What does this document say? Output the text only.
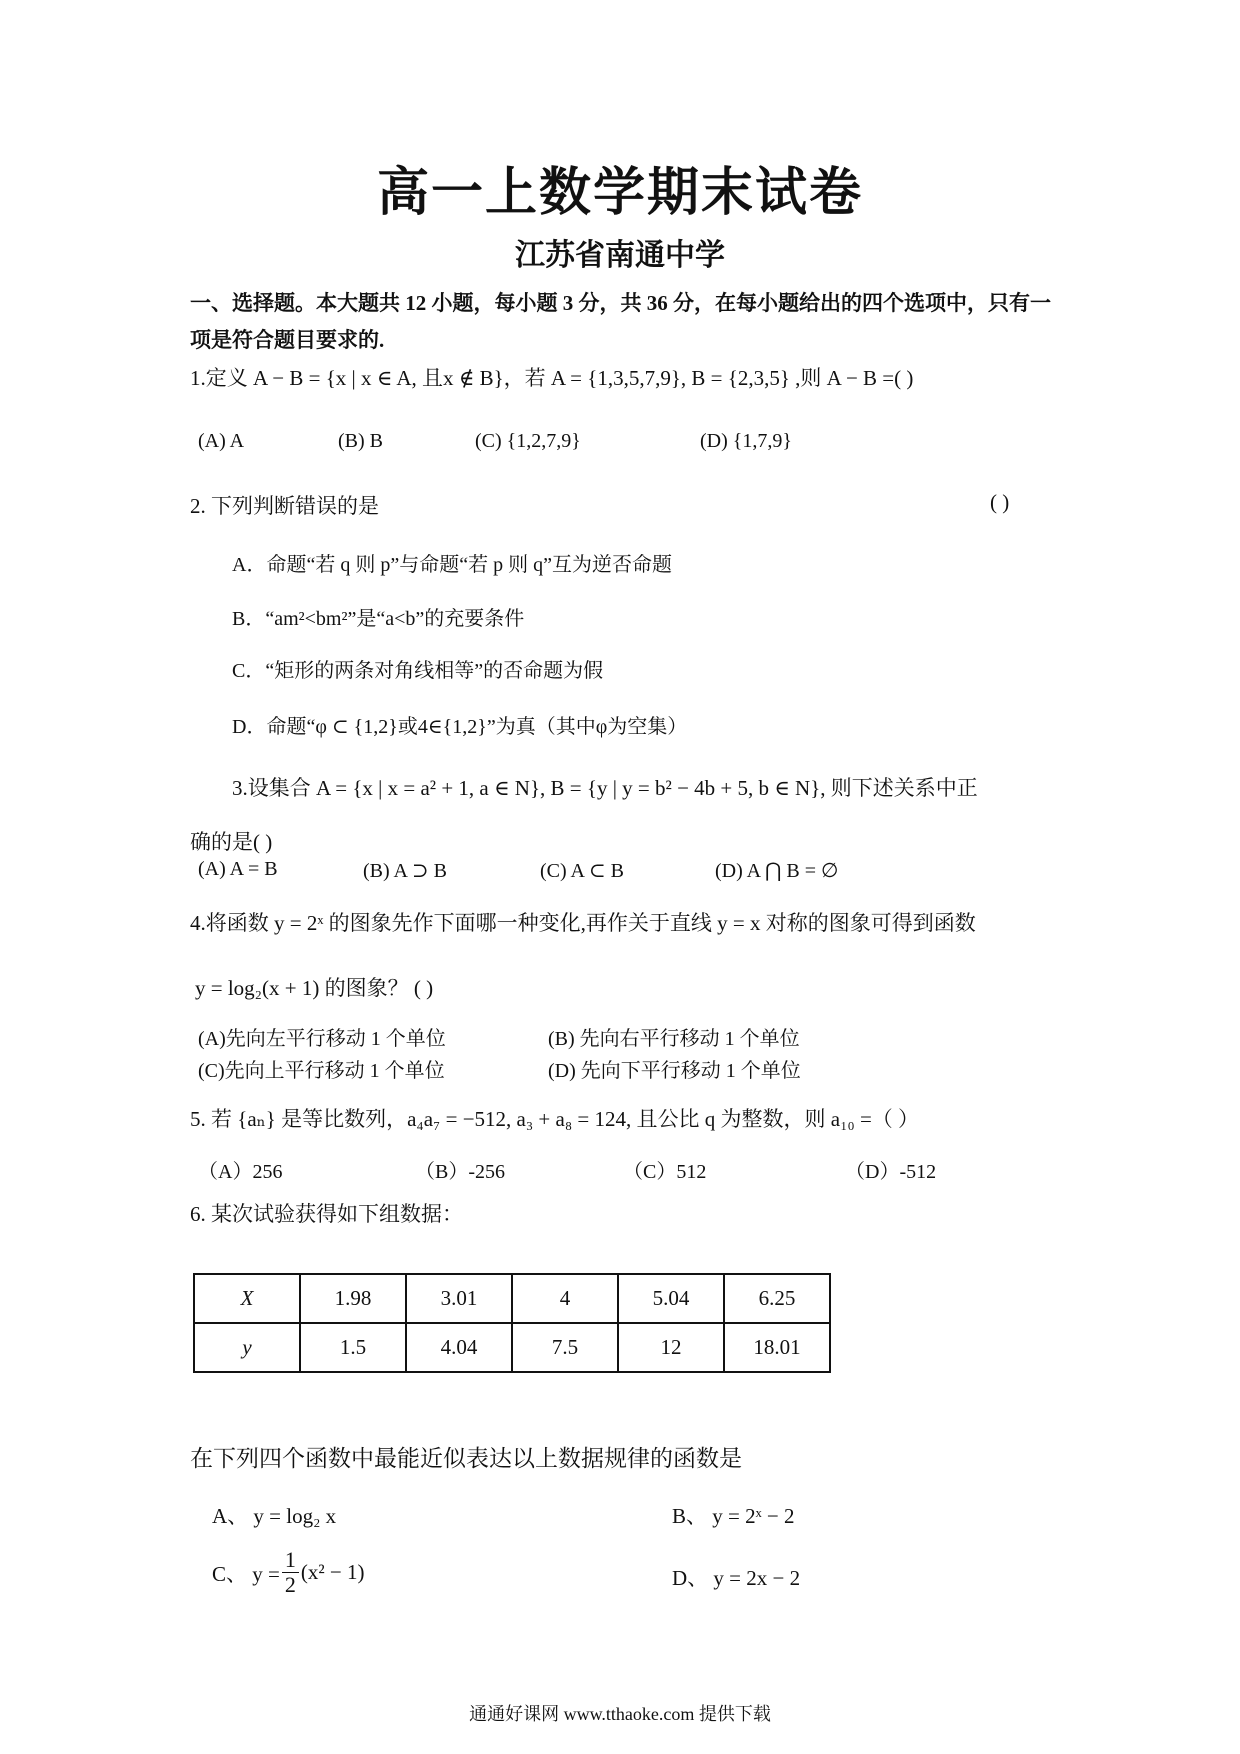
高一上数学期末试卷
江苏省南通中学
一、选择题。本大题共 12 小题，每小题 3 分，共 36 分，在每小题给出的四个选项中，只有一项是符合题目要求的.
1.定义 A − B = {x | x ∈ A, 且x ∉ B}，若 A = {1,3,5,7,9}, B = {2,3,5} ,则 A − B =( )
(A) A	(B) B	(C) {1,2,7,9}	(D) {1,7,9}
2. 下列判断错误的是	( )
A．命题“若 q 则 p”与命题“若 p 则 q”互为逆否命题
B．“am²<bm²”是“a<b”的充要条件
C．“矩形的两条对角线相等”的否命题为假
D．命题“φ ⊂ {1,2}或4∈{1,2}”为真（其中φ为空集）
3.设集合 A = {x | x = a² + 1, a ∈ N}, B = {y | y = b² − 4b + 5, b ∈ N}, 则下述关系中正
确的是( )
(A) A = B	(B) A ⊃ B	(C) A ⊂ B	(D) A ⋂ B = ∅
4.将函数 y = 2ˣ 的图象先作下面哪一种变化,再作关于直线 y = x 对称的图象可得到函数
y = log₂(x + 1) 的图象？ ( )
(A)先向左平行移动 1 个单位	(B) 先向右平行移动 1 个单位
(C)先向上平行移动 1 个单位	(D) 先向下平行移动 1 个单位
5. 若 {aₙ} 是等比数列，a₄a₇ = −512, a₃ + a₈ = 124, 且公比 q 为整数，则 a₁₀ =（ ）
（A）256	（B）-256	（C）512	（D）-512
6. 某次试验获得如下组数据：
X	1.98	3.01	4	5.04	6.25
y	1.5	4.04	7.5	12	18.01
在下列四个函数中最能近似表达以上数据规律的函数是
A、 y = log₂ x	B、 y = 2ˣ − 2
C、 $y = \frac{1}{2} (x^2 - 1)$	D、 y = 2x − 2
通通好课网 www.tthaoke.com 提供下载
